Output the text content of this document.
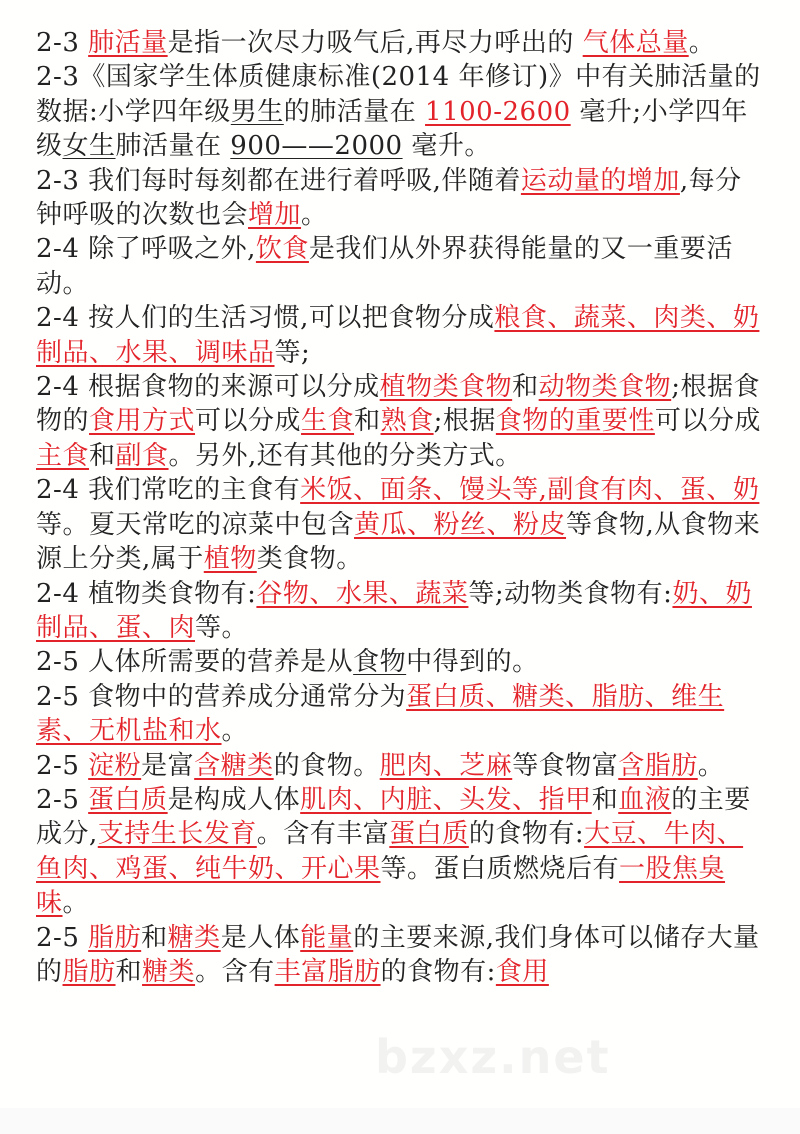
2-3 肺活量是指一次尽力吸气后,再尽力呼出的 气体总量。

2-3《国家学生体质健康标准(2014 年修订)》中有关肺活量的数据:小学四年级男生的肺活量在 1100-2600 毫升;小学四年级女生肺活量在 900——2000 毫升。

2-3 我们每时每刻都在进行着呼吸,伴随着运动量的增加,每分钟呼吸的次数也会增加。

2-4 除了呼吸之外,饮食是我们从外界获得能量的又一重要活动。

2-4 按人们的生活习惯,可以把食物分成粮食、蔬菜、肉类、奶制品、水果、调味品等;

2-4 根据食物的来源可以分成植物类食物和动物类食物;根据食物的食用方式可以分成生食和熟食;根据食物的重要性可以分成主食和副食。另外,还有其他的分类方式。

2-4 我们常吃的主食有米饭、面条、馒头等,副食有肉、蛋、奶等。夏天常吃的凉菜中包含黄瓜、粉丝、粉皮等食物,从食物来源上分类,属于植物类食物。

2-4 植物类食物有:谷物、水果、蔬菜等;动物类食物有:奶、奶制品、蛋、肉等。

2-5 人体所需要的营养是从食物中得到的。

2-5 食物中的营养成分通常分为蛋白质、糖类、脂肪、维生素、无机盐和水。

2-5 淀粉是富含糖类的食物。肥肉、芝麻等食物富含脂肪。

2-5 蛋白质是构成人体肌肉、内脏、头发、指甲和血液的主要成分,支持生长发育。含有丰富蛋白质的食物有:大豆、牛肉、鱼肉、鸡蛋、纯牛奶、开心果等。蛋白质燃烧后有一股焦臭味。

2-5 脂肪和糖类是人体能量的主要来源,我们身体可以储存大量的脂肪和糖类。含有丰富脂肪的食物有:食用

bzxz.net
